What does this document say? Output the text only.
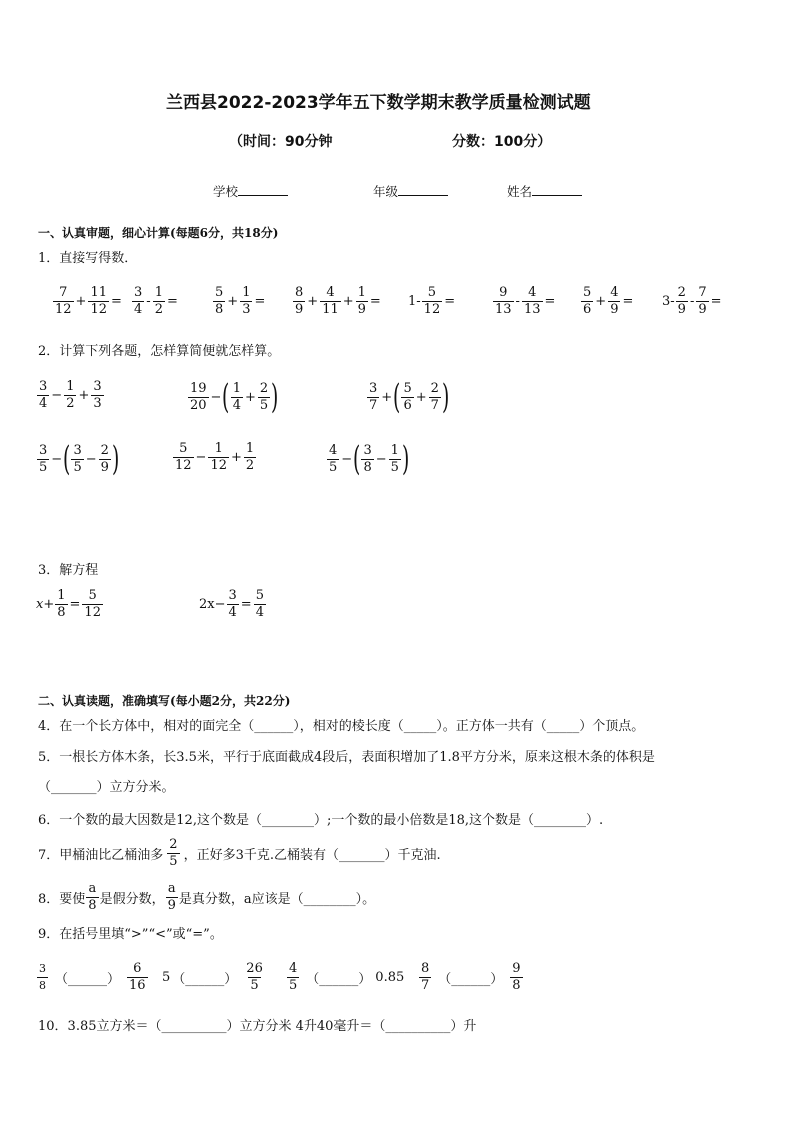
兰西县2022-2023学年五下数学期末教学质量检测试题
（时间：90分钟	分数：100分）
学校	年级	姓名
一、认真审题，细心计算(每题6分，共18分)
1．直接写得数．
$\frac{7}{12} + \frac{11}{12} = \frac{3}{4} - \frac{1}{2}$ =	$\frac{5}{8} + \frac{1}{3} = \frac{8}{9} + \frac{4}{11} + \frac{1}{9} = 1- \frac{5}{12}$ =	$\frac{9}{13} - \frac{4}{13} = \frac{5}{6} + \frac{4}{9} = 3- \frac{2}{9} - \frac{7}{9}$ =
2．计算下列各题，怎样算简便就怎样算。
$\frac{3}{4} - \frac{1}{2} + \frac{3}{3}$	$\frac{19}{20}$ − ( $\frac{1}{4} + \frac{2}{5}$ )	$\frac{3}{7}$ + ( $\frac{5}{6} + \frac{2}{7}$ )
$\frac{3}{5}$ − ( $\frac{3}{5} - \frac{2}{9}$ )	$\frac{5}{12} - \frac{1}{12} + \frac{1}{2}$	$\frac{4}{5}$ − ( $\frac{3}{8} - \frac{1}{5}$ )
3．解方程
$x+ \frac{1}{8} = \frac{5}{12}$	$2x- \frac{3}{4} = \frac{5}{4}$
二、认真读题，准确填写(每小题2分，共22分)
4．在一个长方体中，相对的面完全（______），相对的棱长度（_____）。正方体一共有（_____）个顶点。
5．一根长方体木条，长3.5米，平行于底面截成4段后，表面积增加了1.8平方分米，原来这根木条的体积是
（_______）立方分米。
6．一个数的最大因数是12,这个数是（________）;一个数的最小倍数是18,这个数是（________）.
7．甲桶油比乙桶油多 $\frac{2}{5}$ ，正好多3千克.乙桶装有（_______）千克油.
8．要使 $\frac{a}{8}$ 是假分数， $\frac{a}{9}$ 是真分数，a应该是（________）。
9．在括号里填“>”“<”或“=”。
$\frac{3}{8}$ （______） $\frac{6}{16} 5$ （______） $\frac{26}{5} \frac{4}{5}$ （______） $0.85 \frac{8}{7}$ （______） $\frac{9}{8}$
10．3.85立方米＝（__________）立方分米 4升40毫升＝（__________）升
